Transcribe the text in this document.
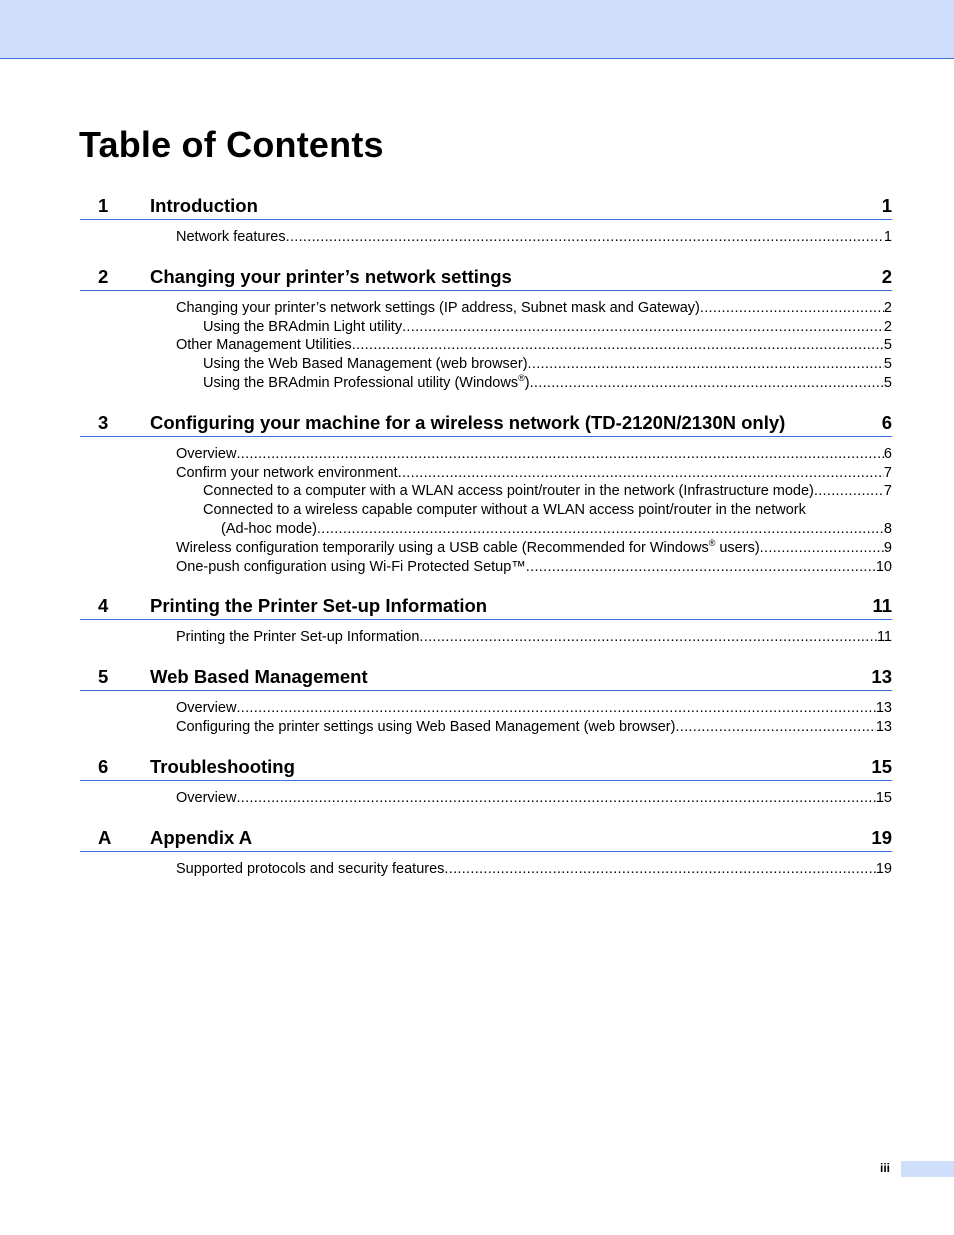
Table of Contents
1 Introduction	1
Network features .....	1
2 Changing your printer’s network settings	2
Changing your printer’s network settings (IP address, Subnet mask and Gateway) .....	2
Using the BRAdmin Light utility .....	2
Other Management Utilities .....	5
Using the Web Based Management (web browser) .....	5
Using the BRAdmin Professional utility (Windows®) .....	5
3 Configuring your machine for a wireless network (TD-2120N/2130N only)	6
Overview .....	6
Confirm your network environment .....	7
Connected to a computer with a WLAN access point/router in the network (Infrastructure mode) .....	7
Connected to a wireless capable computer without a WLAN access point/router in the network
(Ad-hoc mode) .....	8
Wireless configuration temporarily using a USB cable (Recommended for Windows® users) .....	9
One-push configuration using Wi-Fi Protected Setup™ .....	10
4 Printing the Printer Set-up Information	11
Printing the Printer Set-up Information .....	11
5 Web Based Management	13
Overview .....	13
Configuring the printer settings using Web Based Management (web browser) .....	13
6 Troubleshooting	15
Overview .....	15
A Appendix A	19
Supported protocols and security features .....	19
iii
